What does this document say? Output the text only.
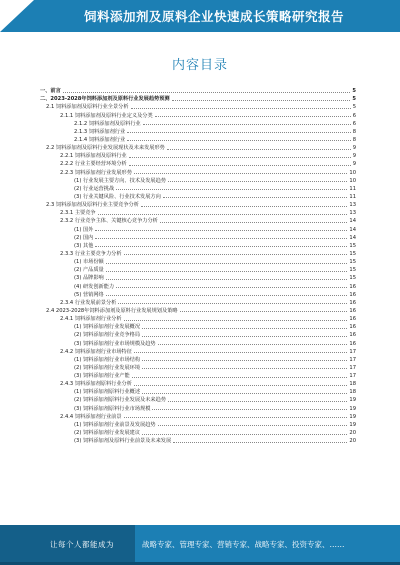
饲料添加剂及原料企业快速成长策略研究报告
内容目录
一、前言	5
二、2023-2028年饲料添加剂及原料行业发展趋势预测	5
2.1 饲料添加剂及原料行业全景分析	5
2.1.1 饲料添加剂及原料行业定义及分类	6
2.1.2 饲料添加剂及原料行业	6
2.1.3 饲料添加剂行业	8
2.1.4 饲料添加剂行业	8
2.2 饲料添加剂及原料行业发展现状及未来发展形势	9
2.2.1 饲料添加剂及原料行业	9
2.2.2 行业主要经营环境分析	9
2.2.3 饲料添加剂行业发展形势	10
(1) 行业发展主要方向、技术及发展趋势	10
(2) 行业运营挑战	11
(3) 行业关键风险、行业技术发展方向	11
2.3 饲料添加剂及原料行业主要竞争分析	13
2.3.1 主要竞争	13
2.3.2 行业竞争主体、关键核心竞争力分析	14
(1) 国外	14
(2) 国内	14
(3) 其他	15
2.3.3 行业主要竞争力分析	15
(1) 市场份额	15
(2) 产品质量	15
(3) 品牌影响	15
(4) 研发创新能力	16
(5) 营销网络	16
2.3.4 行业发展前景分析	16
2.4 2023-2028年饲料添加剂及原料行业发展规划及策略	16
2.4.1 饲料添加剂行业分析	16
(1) 饲料添加剂行业发展概况	16
(2) 饲料添加剂行业竞争格局	16
(3) 饲料添加剂行业市场规模及趋势	16
2.4.2 饲料添加剂行业市场特征	17
(1) 饲料添加剂行业市场结构	17
(2) 饲料添加剂行业发展环境	17
(3) 饲料添加剂行业产能	17
2.4.3 饲料添加剂原料行业分析	18
(1) 饲料添加剂原料行业概述	18
(2) 饲料添加剂原料行业发展及未来趋势	19
(3) 饲料添加剂原料行业市场规模	19
2.4.4 饲料添加剂行业前景	19
(1) 饲料添加剂行业前景及发展趋势	19
(2) 饲料添加剂行业发展建议	20
(3) 饲料添加剂及原料行业前景及未来发展	20
让每个人都能成为	战略专家、管理专家、营销专家、战略专家、投资专家、……
